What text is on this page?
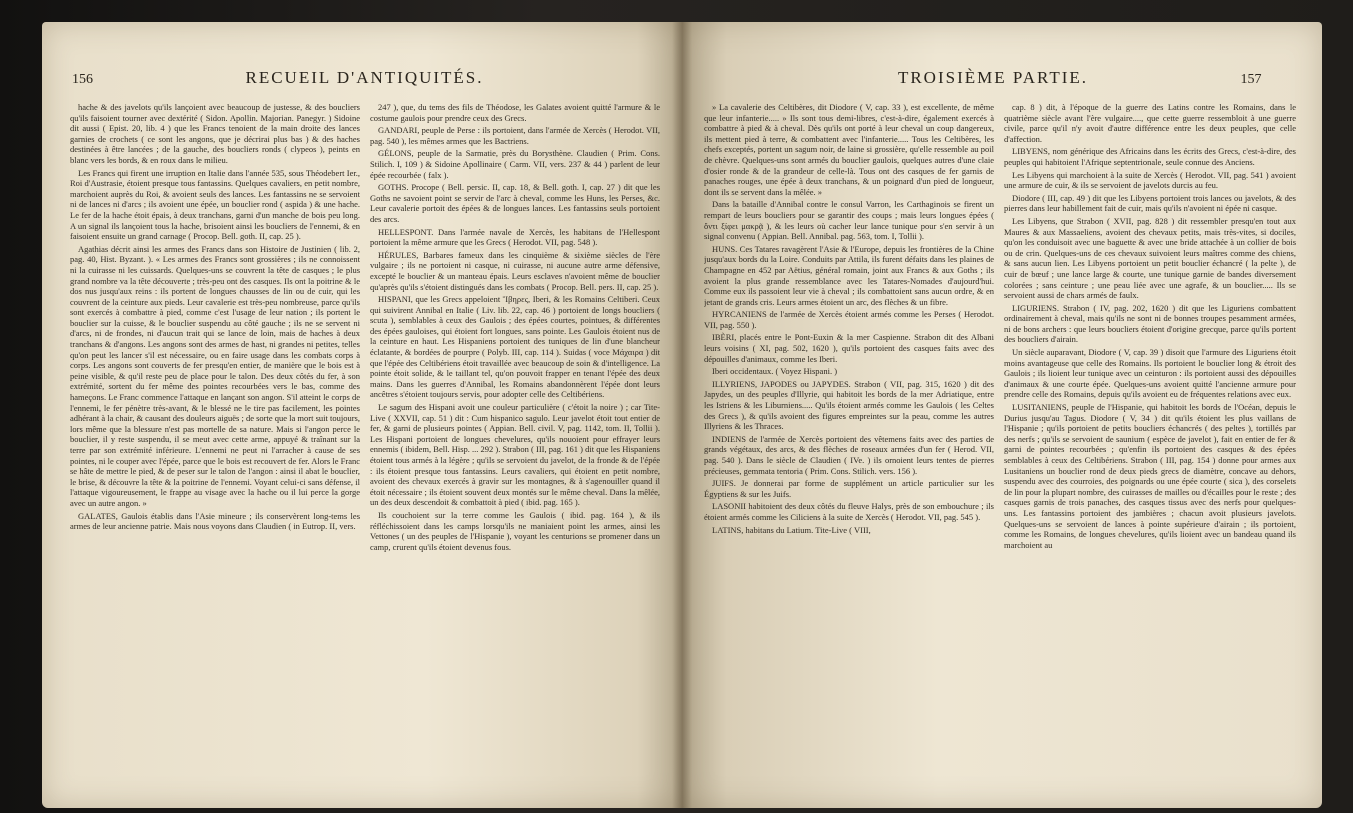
156	RECUEIL D'ANTIQUITÉS.

hache & des javelots qu'ils lançoient avec beaucoup de justesse, & des boucliers qu'ils faisoient tourner avec dextérité ( Sidon. Apollin. Majorian. Panegyr. ) Sidoine dit aussi ( Epist. 20, lib. 4 ) que les Francs tenoient de la main droite des lances garnies de crochets ( ce sont les angons, que je décrirai plus bas ) & des haches destinées à être lancées ; de la gauche, des boucliers ronds ( clypeos ), peints en blanc vers les bords, & en roux dans le milieu.

Les Francs qui firent une irruption en Italie dans l'année 535, sous Théodebert Ier., Roi d'Austrasie, étoient presque tous fantassins. Quelques cavaliers, en petit nombre, marchoient auprès du Roi, & avoient seuls des lances. Les fantassins ne se servoient ni de lances ni d'arcs ; ils avoient une épée, un bouclier rond ( aspida ) & une hache. Le fer de la hache étoit épais, à deux tranchans, garni d'un manche de bois peu long. A un signal ils lançoient tous la hache, brisoient ainsi les boucliers de l'ennemi, & en faisoient ensuite un grand carnage ( Procop. Bell. goth. II, cap. 25 ).

Agathias décrit ainsi les armes des Francs dans son Histoire de Justinien ( lib. 2, pag. 40, Hist. Byzant. ). « Les armes des Francs sont grossières ; ils ne connoissent ni la cuirasse ni les cuissards. Quelques-uns se couvrent la tête de casques ; le plus grand nombre va la tête découverte ; très-peu ont des casques. Ils ont la poitrine & le dos nus jusqu'aux reins : ils portent de longues chausses de lin ou de cuir, qui les couvrent de la ceinture aux pieds. Leur cavalerie est très-peu nombreuse, parce qu'ils sont exercés à combattre à pied, comme c'est l'usage de leur nation ; ils portent le bouclier sur la cuisse, & le bouclier suspendu au côté gauche ; ils ne se servent ni d'arcs, ni de frondes, ni d'aucun trait qui se lance de loin, mais de haches à deux tranchans & d'angons. Les angons sont des armes de hast, ni grandes ni petites, telles qu'on peut les lancer s'il est nécessaire, ou en faire usage dans les combats corps à corps. Les angons sont couverts de fer presqu'en entier, de manière que le bois est à peine visible, & qu'il reste peu de place pour le talon. Des deux côtés du fer, à son extrémité, sortent du fer même des pointes recourbées vers le bas, comme des hameçons. Le Franc commence l'attaque en lançant son angon. S'il atteint le corps de l'ennemi, le fer pénètre très-avant, & le blessé ne le tire pas facilement, les pointes adhérant à la chair, & causant des douleurs aiguës ; de sorte que la mort suit toujours, lors même que la blessure n'est pas mortelle de sa nature. Mais si l'angon perce le bouclier, il y reste suspendu, il se meut avec cette arme, appuyé & traînant sur la terre par son extrémité inférieure. L'ennemi ne peut ni l'arracher à cause de ses pointes, ni le couper avec l'épée, parce que le bois est recouvert de fer. Alors le Franc se hâte de mettre le pied, & de peser sur le talon de l'angon : ainsi il abat le bouclier, le brise, & découvre la tête & la poitrine de l'ennemi. Voyant celui-ci sans défense, il l'attaque vigoureusement, le frappe au visage avec la hache ou il lui perce la gorge avec un autre angon. »

GALATES, Gaulois établis dans l'Asie mineure ; ils conservèrent long-tems les armes de leur ancienne patrie. Mais nous voyons dans Claudien ( in Eutrop. II, vers.

247 ), que, du tems des fils de Théodose, les Galates avoient quitté l'armure & le costume gaulois pour prendre ceux des Grecs.

GANDARI, peuple de Perse : ils portoient, dans l'armée de Xercès ( Herodot. VII, pag. 540 ), les mêmes armes que les Bactriens.

GÉLONS, peuple de la Sarmatie, près du Borysthène. Claudien ( Prim. Cons. Stilich. I, 109 ) & Sidoine Apollinaire ( Carm. VII, vers. 237 & 44 ) parlent de leur épée recourbée ( falx ).

GOTHS. Procope ( Bell. persic. II, cap. 18, & Bell. goth. I, cap. 27 ) dit que les Goths ne savoient point se servir de l'arc à cheval, comme les Huns, les Perses, &c. Leur cavalerie portoit des épées & de longues lances. Les fantassins seuls portoient des arcs.

HELLESPONT. Dans l'armée navale de Xercès, les habitans de l'Hellespont portoient la même armure que les Grecs ( Herodot. VII, pag. 548 ).

HÉRULES, Barbares fameux dans les cinquième & sixième siècles de l'ère vulgaire ; ils ne portoient ni casque, ni cuirasse, ni aucune autre arme défensive, excepté le bouclier & un manteau épais. Leurs esclaves n'avoient même de bouclier qu'après qu'ils s'étoient distingués dans les combats ( Procop. Bell. pers. II, cap. 25 ).

HISPANI, que les Grecs appeloient Ἴβηρες, Iberi, & les Romains Celtiberi. Ceux qui suivirent Annibal en Italie ( Liv. lib. 22, cap. 46 ) portoient de longs boucliers ( scuta ), semblables à ceux des Gaulois ; des épées courtes, pointues, & différentes des épées gauloises, qui étoient fort longues, sans pointe. Les Gaulois étoient nus de la ceinture en haut. Les Hispaniens portoient des tuniques de lin d'une blancheur éclatante, & bordées de pourpre ( Polyb. III, cap. 114 ). Suidas ( voce Μάχαιρα ) dit que l'épée des Celtibériens étoit travaillée avec beaucoup de soin & d'intelligence. La pointe étoit solide, & le taillant tel, qu'on pouvoit frapper en tenant l'épée des deux mains. Dans les guerres d'Annibal, les Romains abandonnèrent l'épée dont leurs ancêtres s'étoient toujours servis, pour adopter celle des Celtibériens.

Le sagum des Hispani avoit une couleur particulière ( c'étoit la noire ) ; car Tite-Live ( XXVII, cap. 51 ) dit : Cum hispanico sagulo. Leur javelot étoit tout entier de fer, & garni de plusieurs pointes ( Appian. Bell. civil. V, pag. 1142, tom. II, Tollii ). Les Hispani portoient de longues chevelures, qu'ils nouoient pour effrayer leurs ennemis ( ibidem, Bell. Hisp. ... 292 ). Strabon ( III, pag. 161 ) dit que les Hispaniens étoient tous armés à la légère ; qu'ils se servoient du javelot, de la fronde & de l'épée : ils étoient presque tous fantassins. Leurs cavaliers, qui étoient en petit nombre, avoient des chevaux exercés à gravir sur les montagnes, & à s'agenouiller quand il étoit nécessaire ; ils étoient souvent deux montés sur le même cheval. Dans la mêlée, un des deux descendoit & combattoit à pied ( ibid. pag. 165 ).

Ils couchoient sur la terre comme les Gaulois ( ibid. pag. 164 ), & ils réfléchissoient dans les camps lorsqu'ils ne maniaient point les armes, ainsi les Vettones ( un des peuples de l'Hispanie ), voyant les centurions se promener dans un camp, crurent qu'ils étoient devenus fous.

TROISIÈME PARTIE.	157

» La cavalerie des Celtibères, dit Diodore ( V, cap. 33 ), est excellente, de même que leur infanterie..... » Ils sont tous demi-libres, c'est-à-dire, également exercés à combattre à pied & à cheval. Dès qu'ils ont porté à leur cheval un coup dangereux, ils mettent pied à terre, & combattent avec l'infanterie..... Tous les Celtibères, les chefs exceptés, portent un sagum noir, de laine si grossière, qu'elle ressemble au poil de chèvre. Quelques-uns sont armés du bouclier gaulois, quelques autres d'une claie d'osier ronde & de la grandeur de celle-là. Tous ont des casques de fer garnis de panaches rouges, une épée à deux tranchans, & un poignard d'un pied de longueur, dont ils se servent dans la mêlée. »

Dans la bataille d'Annibal contre le consul Varron, les Carthaginois se firent un rempart de leurs boucliers pour se garantir des coups ; mais leurs longues épées ( ὄντι ξίφει μακρᾷ ), & les leurs où cacher leur lance tunique pour s'en servir à un signal convenu ( Appian. Bell. Annibal. pag. 563, tom. I, Tollii ).

HUNS. Ces Tatares ravagèrent l'Asie & l'Europe, depuis les frontières de la Chine jusqu'aux bords du la Loire. Conduits par Attila, ils furent défaits dans les plaines de Champagne en 452 par Aëtius, général romain, joint aux Francs & aux Goths ; ils avoient la plus grande ressemblance avec les Tatares-Nomades d'aujourd'hui. Comme eux ils passoient leur vie à cheval ; ils combattoient sans aucun ordre, & en jetant de grands cris. Leurs armes étoient un arc, des flèches & un fibre.

HYRCANIENS de l'armée de Xercès étoient armés comme les Perses ( Herodot. VII, pag. 550 ).

IBÈRI, placés entre le Pont-Euxin & la mer Caspienne. Strabon dit des Albani leurs voisins ( XI, pag. 502, 1620 ), qu'ils portoient des casques faits avec des dépouilles d'animaux, comme les Iberi.

Iberi occidentaux. ( Voyez Hispani. )

ILLYRIENS, JAPODES ou JAPYDES. Strabon ( VII, pag. 315, 1620 ) dit des Japydes, un des peuples d'Illyrie, qui habitoit les bords de la mer Adriatique, entre les Istriens & les Liburniens..... Qu'ils étoient armés comme les Gaulois ( les Celtes des Grecs ), & qu'ils avoient des figures empreintes sur la peau, comme les autres Illyriens & les Thraces.

INDIENS de l'armée de Xercès portoient des vêtemens faits avec des parties de grands végétaux, des arcs, & des flèches de roseaux armées d'un fer ( Herod. VII, pag. 540 ). Dans le siècle de Claudien ( IVe. ) ils ornoient leurs tentes de pierres précieuses, gemmata tentoria ( Prim. Cons. Stilich. vers. 156 ).

JUIFS. Je donnerai par forme de supplément un article particulier sur les Égyptiens & sur les Juifs.

LASONII habitoient des deux côtés du fleuve Halys, près de son embouchure ; ils étoient armés comme les Ciliciens à la suite de Xercès ( Herodot. VII, pag. 545 ).

LATINS, habitans du Latium. Tite-Live ( VIII,

cap. 8 ) dit, à l'époque de la guerre des Latins contre les Romains, dans le quatrième siècle avant l'ère vulgaire...., que cette guerre ressembloit à une guerre civile, parce qu'il n'y avoit d'autre différence entre les deux peuples, que celle d'affection.

LIBYENS, nom générique des Africains dans les écrits des Grecs, c'est-à-dire, des peuples qui habitoient l'Afrique septentrionale, seule connue des Anciens.

Les Libyens qui marchoient à la suite de Xercès ( Herodot. VII, pag. 541 ) avoient une armure de cuir, & ils se servoient de javelots durcis au feu.

Diodore ( III, cap. 49 ) dit que les Libyens portoient trois lances ou javelots, & des pierres dans leur habillement fait de cuir, mais qu'ils n'avoient ni épée ni casque.

Les Libyens, que Strabon ( XVII, pag. 828 ) dit ressembler presqu'en tout aux Maures & aux Massaeliens, avoient des chevaux petits, mais très-vites, si dociles, qu'on les conduisoit avec une baguette & avec une bride attachée à un collier de bois ou de crin. Quelques-uns de ces chevaux suivoient leurs maîtres comme des chiens, & sans aucun lien. Les Libyens portoient un petit bouclier échancré ( la pelte ), de cuir de bœuf ; une lance large & courte, une tunique garnie de bandes diversement colorées ; sans ceinture ; une peau liée avec une agrafe, & un bouclier..... Ils se servoient aussi de chars armés de faulx.

LIGURIENS. Strabon ( IV, pag. 202, 1620 ) dit que les Liguriens combattent ordinairement à cheval, mais qu'ils ne sont ni de bonnes troupes pesamment armées, ni de bons archers : que leurs boucliers étoient d'origine grecque, parce qu'ils portent des boucliers d'airain.

Un siècle auparavant, Diodore ( V, cap. 39 ) disoit que l'armure des Liguriens étoit moins avantageuse que celle des Romains. Ils portoient le bouclier long & étroit des Gaulois ; ils lioient leur tunique avec un ceinturon : ils portoient aussi des dépouilles d'animaux & une courte épée. Quelques-uns avoient quitté l'ancienne armure pour prendre celle des Romains, depuis qu'ils avoient eu de fréquentes relations avec eux.

LUSITANIENS, peuple de l'Hispanie, qui habitoit les bords de l'Océan, depuis le Durius jusqu'au Tagus. Diodore ( V, 34 ) dit qu'ils étoient les plus vaillans de l'Hispanie ; qu'ils portoient de petits boucliers échancrés ( des peltes ), tortillés par des nerfs ; qu'ils se servoient de saunium ( espèce de javelot ), fait en entier de fer & garni de pointes recourbées ; qu'enfin ils portoient des casques & des épées semblables à ceux des Celtibériens. Strabon ( III, pag. 154 ) donne pour armes aux Lusitaniens un bouclier rond de deux pieds grecs de diamètre, concave au dehors, suspendu avec des courroies, des poignards ou une épée courte ( sica ), des corselets de lin pour la plupart nombre, des cuirasses de mailles ou d'écailles pour le reste ; des casques garnis de trois panaches, des casques tissus avec des nerfs pour quelques-uns. Les fantassins portoient des jambières ; chacun avoit plusieurs javelots. Quelques-uns se servoient de lances à pointe supérieure d'airain ; ils portoient, comme les Romains, de longues chevelures, qu'ils lioient avec un bandeau quand ils marchoient au
